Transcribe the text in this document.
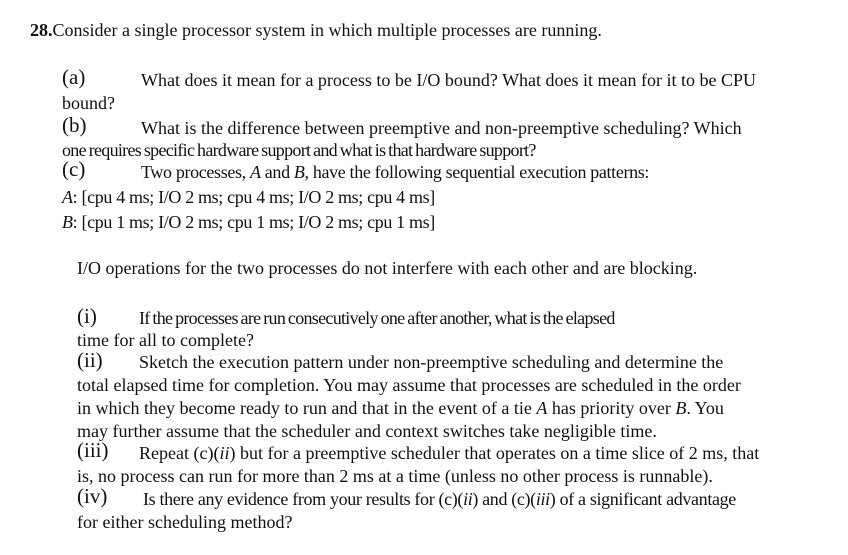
28.Consider a single processor system in which multiple processes are running.
(a)	What does it mean for a process to be I/O bound? What does it mean for it to be CPU
bound?
(b)	What is the difference between preemptive and non-preemptive scheduling? Which
one requires specific hardware support and what is that hardware support?
(c)	Two processes, A and B, have the following sequential execution patterns:
A: [cpu 4 ms; I/O 2 ms; cpu 4 ms; I/O 2 ms; cpu 4 ms]
B: [cpu 1 ms; I/O 2 ms; cpu 1 ms; I/O 2 ms; cpu 1 ms]
I/O operations for the two processes do not interfere with each other and are blocking.
(i) If the processes are run consecutively one after another, what is the elapsed
time for all to complete?
(ii) Sketch the execution pattern under non-preemptive scheduling and determine the
total elapsed time for completion. You may assume that processes are scheduled in the order
in which they become ready to run and that in the event of a tie A has priority over B. You
may further assume that the scheduler and context switches take negligible time.
(iii) Repeat (c)(ii) but for a preemptive scheduler that operates on a time slice of 2 ms, that
is, no process can run for more than 2 ms at a time (unless no other process is runnable).
(iv) Is there any evidence from your results for (c)(ii) and (c)(iii) of a significant advantage
for either scheduling method?
